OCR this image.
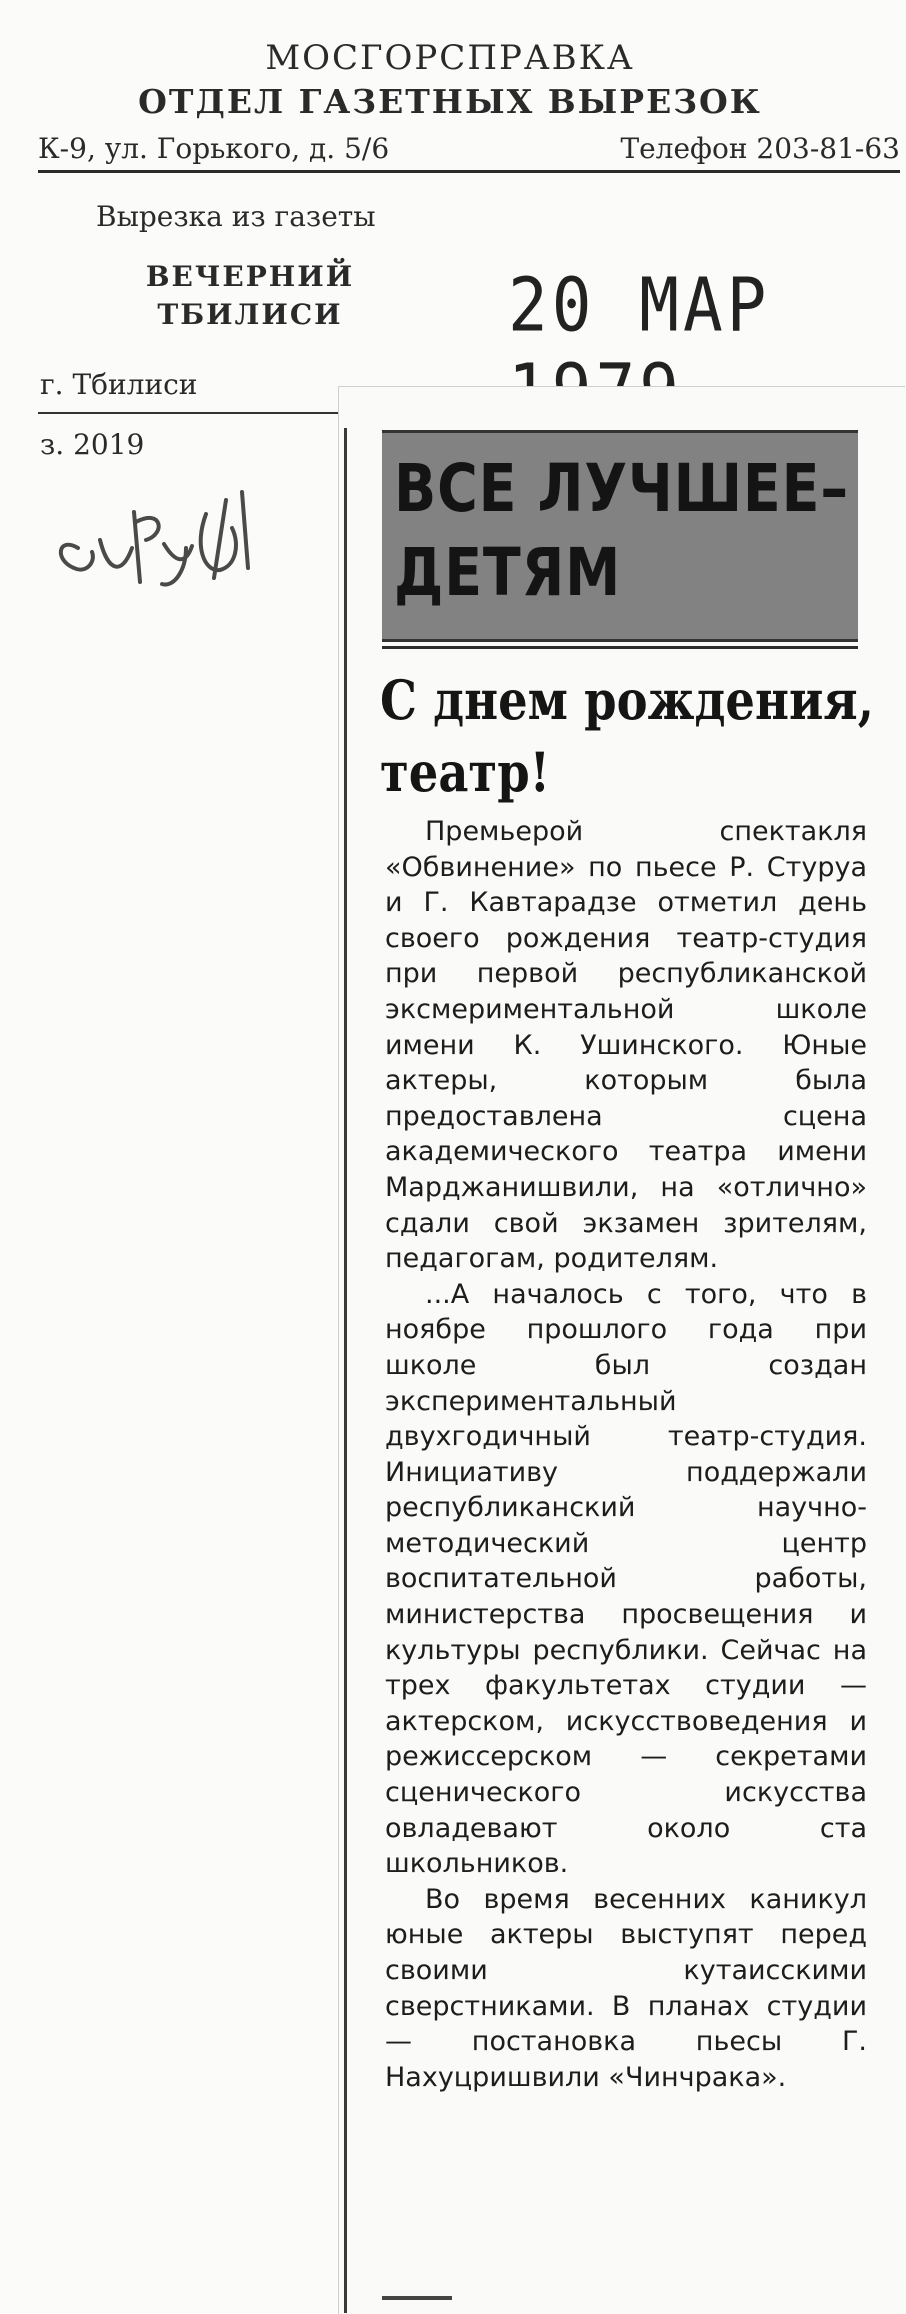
МОСГОРСПРАВКА
ОТДЕЛ ГАЗЕТНЫХ ВЫРЕЗОК
К-9, ул. Горького, д. 5/6	Телефон 203-81-63
Вырезка из газеты
ВЕЧЕРНИЙ
ТБИЛИСИ	20 МАР
г. Тбилиси
з. 2019
ВСЕ ЛУЧШЕЕ–
ДЕТЯМ
С днем рождения,
театр!

Премьерой спектакля «Обвинение» по пьесе Р. Стуруа и Г. Кавтарадзе отметил день своего рождения театр-студия при первой республиканской эксмериментальной школе имени К. Ушинского. Юные актеры, которым была предоставлена сцена академического театра имени Марджанишвили, на «отлично» сдали свой экзамен зрителям, педагогам, родителям.

...А началось с того, что в ноябре прошлого года при школе был создан экспериментальный двухгодичный театр-студия. Инициативу поддержали республиканский научно-методический центр воспитательной работы, министерства просвещения и культуры республики. Сейчас на трех факультетах студии — актерском, искусствоведения и режиссерском — секретами сценического искусства овладевают около ста школьников.

Во время весенних каникул юные актеры выступят перед своими кутаисскими сверстниками. В планах студии — постановка пьесы Г. Нахуцришвили «Чинчрака».
